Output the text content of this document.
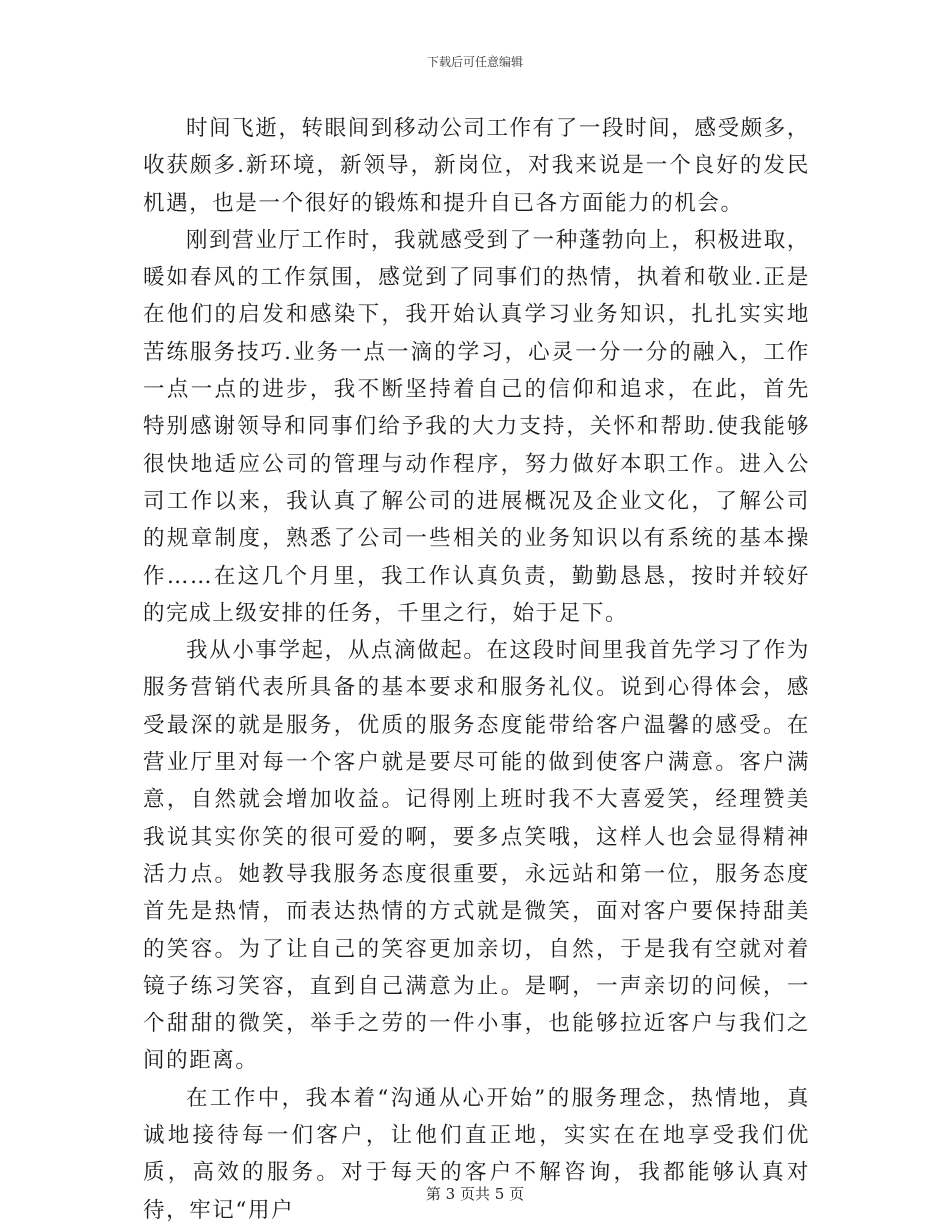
下载后可任意编辑

时间飞逝，转眼间到移动公司工作有了一段时间，感受颇多，收获颇多.新环境，新领导，新岗位，对我来说是一个良好的发民机遇，也是一个很好的锻炼和提升自已各方面能力的机会。

刚到营业厅工作时，我就感受到了一种蓬勃向上，积极进取，暖如春风的工作氛围，感觉到了同事们的热情，执着和敬业.正是在他们的启发和感染下，我开始认真学习业务知识，扎扎实实地苦练服务技巧.业务一点一滴的学习，心灵一分一分的融入，工作一点一点的进步，我不断坚持着自己的信仰和追求，在此，首先特别感谢领导和同事们给予我的大力支持，关怀和帮助.使我能够很快地适应公司的管理与动作程序，努力做好本职工作。进入公司工作以来，我认真了解公司的进展概况及企业文化，了解公司的规章制度，熟悉了公司一些相关的业务知识以有系统的基本操作……在这几个月里，我工作认真负责，勤勤恳恳，按时并较好的完成上级安排的任务，千里之行，始于足下。

我从小事学起，从点滴做起。在这段时间里我首先学习了作为服务营销代表所具备的基本要求和服务礼仪。说到心得体会，感受最深的就是服务，优质的服务态度能带给客户温馨的感受。在营业厅里对每一个客户就是要尽可能的做到使客户满意。客户满意，自然就会增加收益。记得刚上班时我不大喜爱笑，经理赞美我说其实你笑的很可爱的啊，要多点笑哦，这样人也会显得精神活力点。她教导我服务态度很重要，永远站和第一位，服务态度首先是热情，而表达热情的方式就是微笑，面对客户要保持甜美的笑容。为了让自己的笑容更加亲切，自然，于是我有空就对着镜子练习笑容，直到自己满意为止。是啊，一声亲切的问候，一个甜甜的微笑，举手之劳的一件小事，也能够拉近客户与我们之间的距离。

在工作中，我本着“沟通从心开始”的服务理念，热情地，真诚地接待每一们客户，让他们直正地，实实在在地享受我们优质，高效的服务。对于每天的客户不解咨询，我都能够认真对待，牢记“用户

第 3 页共 5 页
